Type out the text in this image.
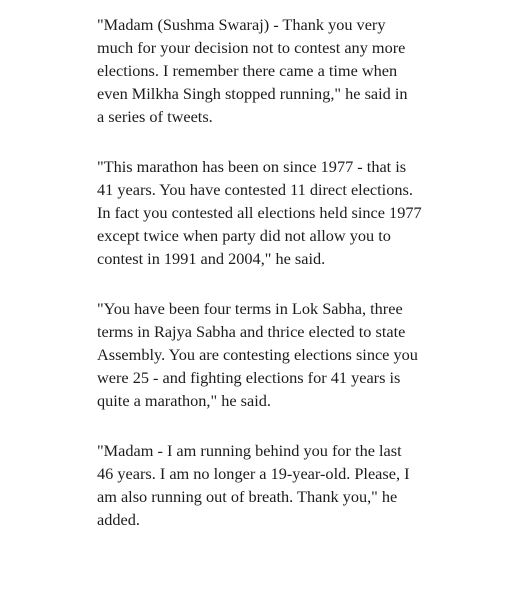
"Madam (Sushma Swaraj) - Thank you very
much for your decision not to contest any more
elections. I remember there came a time when
even Milkha Singh stopped running," he said in
a series of tweets.

"This marathon has been on since 1977 - that is
41 years. You have contested 11 direct elections.
In fact you contested all elections held since 1977
except twice when party did not allow you to
contest in 1991 and 2004," he said.

"You have been four terms in Lok Sabha, three
terms in Rajya Sabha and thrice elected to state
Assembly. You are contesting elections since you
were 25 - and fighting elections for 41 years is
quite a marathon," he said.

"Madam - I am running behind you for the last
46 years. I am no longer a 19-year-old. Please, I
am also running out of breath. Thank you," he
added.
